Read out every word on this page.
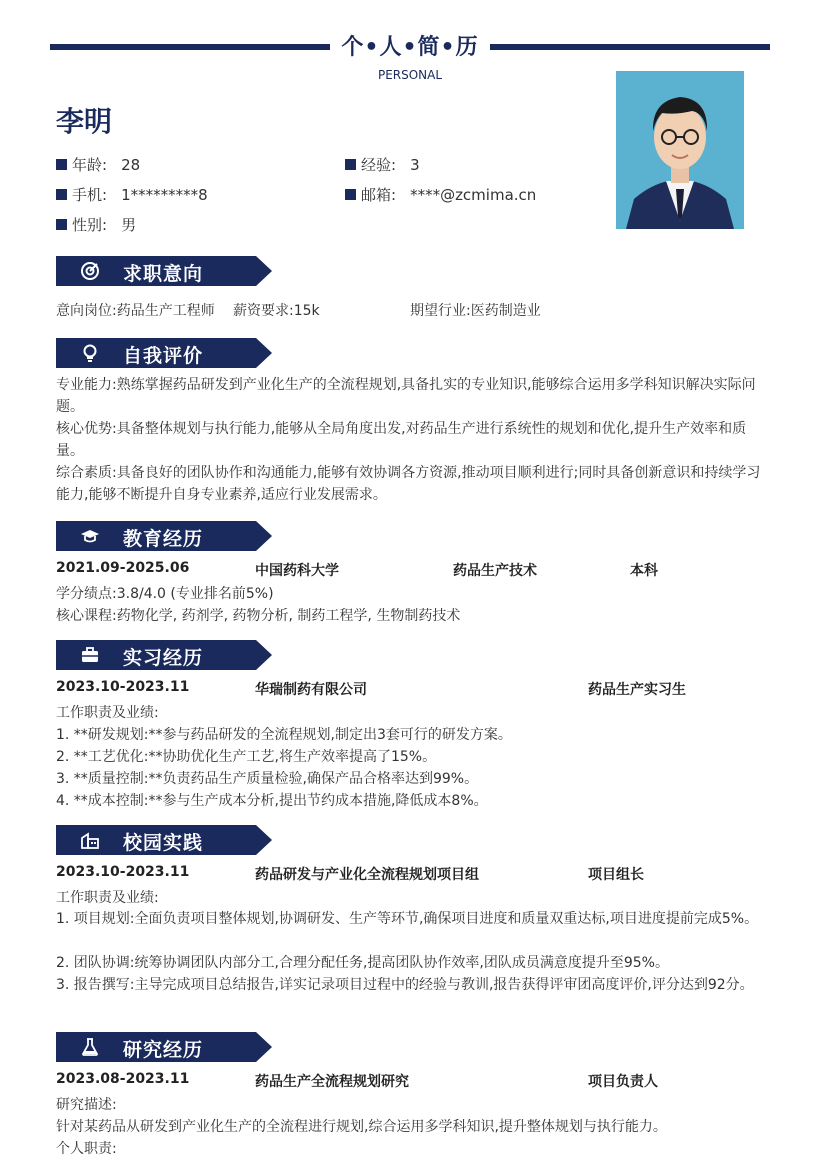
个•人•简•历
PERSONAL
李明
年龄: 28	经验: 3
手机: 1*********8	邮箱: ****@zcmima.cn
性别: 男
求职意向
意向岗位:药品生产工程师 薪资要求:15k	期望行业:医药制造业
自我评价
专业能力:熟练掌握药品研发到产业化生产的全流程规划,具备扎实的专业知识,能够综合运用多学科知识解决实际问题。
核心优势:具备整体规划与执行能力,能够从全局角度出发,对药品生产进行系统性的规划和优化,提升生产效率和质量。
综合素质:具备良好的团队协作和沟通能力,能够有效协调各方资源,推动项目顺利进行;同时具备创新意识和持续学习能力,能够不断提升自身专业素养,适应行业发展需求。
教育经历
2021.09-2025.06	中国药科大学	药品生产技术	本科
学分绩点:3.8/4.0 (专业排名前5%)
核心课程:药物化学, 药剂学, 药物分析, 制药工程学, 生物制药技术
实习经历
2023.10-2023.11	华瑞制药有限公司	药品生产实习生
工作职责及业绩:
1. **研发规划:**参与药品研发的全流程规划,制定出3套可行的研发方案。
2. **工艺优化:**协助优化生产工艺,将生产效率提高了15%。
3. **质量控制:**负责药品生产质量检验,确保产品合格率达到99%。
4. **成本控制:**参与生产成本分析,提出节约成本措施,降低成本8%。
校园实践
2023.10-2023.11	药品研发与产业化全流程规划项目组	项目组长
工作职责及业绩:
1. 项目规划:全面负责项目整体规划,协调研发、生产等环节,确保项目进度和质量双重达标,项目进度提前完成5%。
2. 团队协调:统筹协调团队内部分工,合理分配任务,提高团队协作效率,团队成员满意度提升至95%。
3. 报告撰写:主导完成项目总结报告,详实记录项目过程中的经验与教训,报告获得评审团高度评价,评分达到92分。
研究经历
2023.08-2023.11	药品生产全流程规划研究	项目负责人
研究描述:
针对某药品从研发到产业化生产的全流程进行规划,综合运用多学科知识,提升整体规划与执行能力。
个人职责:
